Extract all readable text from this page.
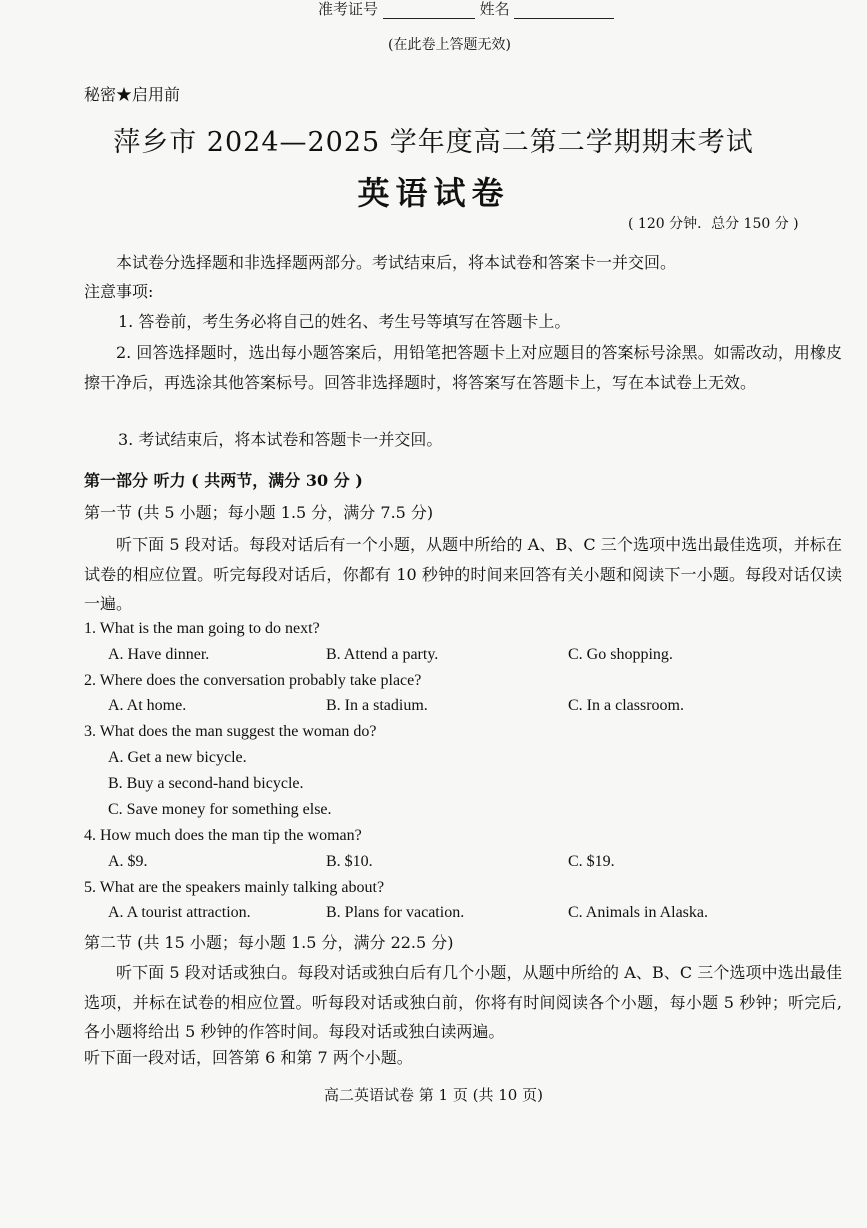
准考证号	姓名
(在此卷上答题无效)
秘密★启用前
萍乡市 2024—2025 学年度高二第二学期期末考试
英语试卷
( 120 分钟．总分 150 分 )
本试卷分选择题和非选择题两部分。考试结束后，将本试卷和答案卡一并交回。
注意事项:
1. 答卷前，考生务必将自己的姓名、考生号等填写在答题卡上。
2. 回答选择题时，选出每小题答案后，用铅笔把答题卡上对应题目的答案标号涂黑。如需改动，用橡皮擦干净后，再选涂其他答案标号。回答非选择题时，将答案写在答题卡上，写在本试卷上无效。
3. 考试结束后，将本试卷和答题卡一并交回。
第一部分 听力 ( 共两节，满分 30 分 )
第一节 (共 5 小题；每小题 1.5 分，满分 7.5 分)
听下面 5 段对话。每段对话后有一个小题，从题中所给的 A、B、C 三个选项中选出最佳选项，并标在试卷的相应位置。听完每段对话后，你都有 10 秒钟的时间来回答有关小题和阅读下一小题。每段对话仅读一遍。
1. What is the man going to do next?
A. Have dinner.	B. Attend a party.	C. Go shopping.
2. Where does the conversation probably take place?
A. At home.	B. In a stadium.	C. In a classroom.
3. What does the man suggest the woman do?
A. Get a new bicycle.
B. Buy a second-hand bicycle.
C. Save money for something else.
4. How much does the man tip the woman?
A. $9.	B. $10.	C. $19.
5. What are the speakers mainly talking about?
A. A tourist attraction.	B. Plans for vacation.	C. Animals in Alaska.
第二节 (共 15 小题；每小题 1.5 分，满分 22.5 分)
听下面 5 段对话或独白。每段对话或独白后有几个小题，从题中所给的 A、B、C 三个选项中选出最佳选项，并标在试卷的相应位置。听每段对话或独白前，你将有时间阅读各个小题，每小题 5 秒钟；听完后,各小题将给出 5 秒钟的作答时间。每段对话或独白读两遍。
听下面一段对话，回答第 6 和第 7 两个小题。
高二英语试卷 第 1 页 (共 10 页)
